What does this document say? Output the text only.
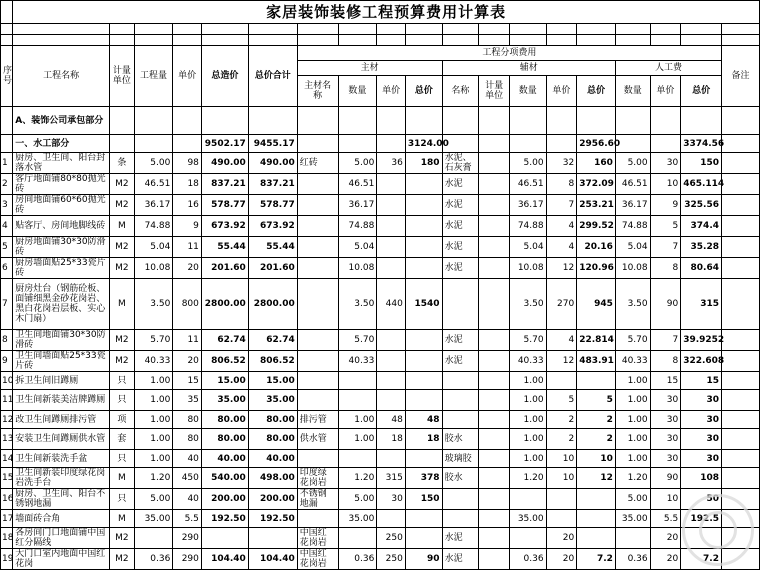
	家居装饰装修工程预算费用计算表																		

序号	工程名称	计量单位	工程量	单价	总造价	总价合计	工程分项费用												备注
							主材				辅材					人工费			
							主材名称	数量	单价	总价	名称	计量单位	数量	单价	总价	数量	单价	总价	
	A、装饰公司承包部分																		
	一、水工部分				9502.17	9455.17				3124.00					2956.60			3374.56	
1	厨房、卫生间、阳台封落水管	条	5.00	98	490.00	490.00	红砖	5.00	36	180	水泥、石灰膏		5.00	32	160	5.00	30	150	
2	客厅地面铺80*80抛光砖	M2	46.51	18	837.21	837.21		46.51			水泥		46.51	8	372.09	46.51	10	465.114	
3	房间地面铺60*60抛光砖	M2	36.17	16	578.77	578.77		36.17			水泥		36.17	7	253.21	36.17	9	325.56	
4	贴客厅、房间地脚线砖	M	74.88	9	673.92	673.92		74.88			水泥		74.88	4	299.52	74.88	5	374.4	
5	厨房地面铺30*30防滑砖	M2	5.04	11	55.44	55.44		5.04			水泥		5.04	4	20.16	5.04	7	35.28	
6	厨房墙面贴25*33瓷片砖	M2	10.08	20	201.60	201.60		10.08			水泥		10.08	12	120.96	10.08	8	80.64	
7	厨房灶台（钢筋砼板、面铺细黑金砂花岗岩、黑白花岗岩层板、实心木门扇）	M	3.50	800	2800.00	2800.00		3.50	440	1540			3.50	270	945	3.50	90	315	
8	卫生间地面铺30*30防滑砖	M2	5.70	11	62.74	62.74		5.70			水泥		5.70	4	22.814	5.70	7	39.9252	
9	卫生间墙面贴25*33瓷片砖	M2	40.33	20	806.52	806.52		40.33			水泥		40.33	12	483.91	40.33	8	322.608	
10	拆卫生间旧蹲厕	只	1.00	15	15.00	15.00							1.00			1.00	15	15	
11	卫生间新装美洁牌蹲厕	只	1.00	35	35.00	35.00							1.00	5	5	1.00	30	30	
12	改卫生间蹲厕排污管	项	1.00	80	80.00	80.00	排污管	1.00	48	48			1.00	2	2	1.00	30	30	
13	安装卫生间蹲厕供水管	套	1.00	80	80.00	80.00	供水管	1.00	18	18	胶水		1.00	2	2	1.00	30	30	
14	卫生间新装洗手盆	只	1.00	40	40.00	40.00					玻璃胶		1.00	10	10	1.00	30	30	
15	卫生间新装印度绿花岗岩洗手台	M	1.20	450	540.00	498.00	印度绿花岗岩	1.20	315	378	胶水		1.20	10	12	1.20	90	108	
16	厨房、卫生间、阳台不锈钢地漏	只	5.00	40	200.00	200.00	不锈钢地漏	5.00	30	150						5.00	10	50	
17	墙面砖合角	M	35.00	5.5	192.50	192.50		35.00					35.00			35.00	5.5	192.5	
18	各房间门口地面铺中国红分隔线	M2		290			中国红花岗岩		250		水泥			20			20		
19	大门口室内地面中国红花岗	M2	0.36	290	104.40	104.40	中国红花岗岩	0.36	250	90	水泥		0.36	20	7.2	0.36	20	7.2	
